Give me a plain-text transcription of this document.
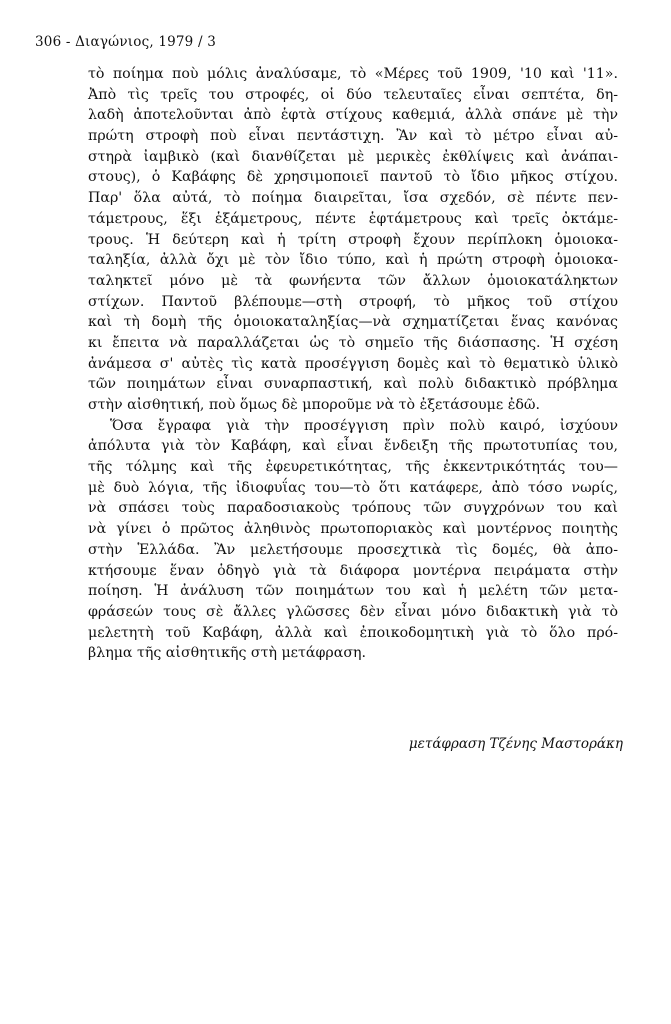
306 - Διαγώνιος, 1979 / 3
τὸ ποίημα ποὺ μόλις ἀναλύσαμε, τὸ «Μέρες τοῦ 1909, '10 καὶ '11».
Ἀπὸ τὶς τρεῖς του στροφές, οἱ δύο τελευταῖες εἶναι σεπτέτα, δη-
λαδὴ ἀποτελοῦνται ἀπὸ ἑφτὰ στίχους καθεμιά, ἀλλὰ σπάνε μὲ τὴν
πρώτη στροφὴ ποὺ εἶναι πεντάστιχη. Ἂν καὶ τὸ μέτρο εἶναι αὐ-
στηρὰ ἰαμβικὸ (καὶ διανθίζεται μὲ μερικὲς ἐκθλίψεις καὶ ἀνάπαι-
στους), ὁ Καβάφης δὲ χρησιμοποιεῖ παντοῦ τὸ ἴδιο μῆκος στίχου.
Παρ' ὅλα αὐτά, τὸ ποίημα διαιρεῖται, ἴσα σχεδόν, σὲ πέντε πεν-
τάμετρους, ἕξι ἑξάμετρους, πέντε ἑφτάμετρους καὶ τρεῖς ὀκτάμε-
τρους. Ἡ δεύτερη καὶ ἡ τρίτη στροφὴ ἔχουν περίπλοκη ὁμοιοκα-
ταληξία, ἀλλὰ ὄχι μὲ τὸν ἴδιο τύπο, καὶ ἡ πρώτη στροφὴ ὁμοιοκα-
ταληκτεῖ μόνο μὲ τὰ φωνήεντα τῶν ἄλλων ὁμοιοκατάληκτων
στίχων. Παντοῦ βλέπουμε—στὴ στροφή, τὸ μῆκος τοῦ στίχου
καὶ τὴ δομὴ τῆς ὁμοιοκαταληξίας—νὰ σχηματίζεται ἕνας κανόνας
κι ἔπειτα νὰ παραλλάζεται ὡς τὸ σημεῖο τῆς διάσπασης. Ἡ σχέση
ἀνάμεσα σ' αὐτὲς τὶς κατὰ προσέγγιση δομὲς καὶ τὸ θεματικὸ ὑλικὸ
τῶν ποιημάτων εἶναι συναρπαστική, καὶ πολὺ διδακτικὸ πρόβλημα
στὴν αἰσθητική, ποὺ ὅμως δὲ μποροῦμε νὰ τὸ ἐξετάσουμε ἐδῶ.
Ὅσα ἔγραφα γιὰ τὴν προσέγγιση πρὶν πολὺ καιρό, ἰσχύουν
ἀπόλυτα γιὰ τὸν Καβάφη, καὶ εἶναι ἔνδειξη τῆς πρωτοτυπίας του,
τῆς τόλμης καὶ τῆς ἐφευρετικότητας, τῆς ἐκκεντρικότητάς του—
μὲ δυὸ λόγια, τῆς ἰδιοφυΐας του—τὸ ὅτι κατάφερε, ἀπὸ τόσο νωρίς,
νὰ σπάσει τοὺς παραδοσιακοὺς τρόπους τῶν συγχρόνων του καὶ
νὰ γίνει ὁ πρῶτος ἀληθινὸς πρωτοποριακὸς καὶ μοντέρνος ποιητὴς
στὴν Ἑλλάδα. Ἂν μελετήσουμε προσεχτικὰ τὶς δομές, θὰ ἀπο-
κτήσουμε ἕναν ὁδηγὸ γιὰ τὰ διάφορα μοντέρνα πειράματα στὴν
ποίηση. Ἡ ἀνάλυση τῶν ποιημάτων του καὶ ἡ μελέτη τῶν μετα-
φράσεών τους σὲ ἄλλες γλῶσσες δὲν εἶναι μόνο διδακτικὴ γιὰ τὸ
μελετητὴ τοῦ Καβάφη, ἀλλὰ καὶ ἐποικοδομητικὴ γιὰ τὸ ὅλο πρό-
βλημα τῆς αἰσθητικῆς στὴ μετάφραση.
μετάφραση Τζένης Μαστοράκη
